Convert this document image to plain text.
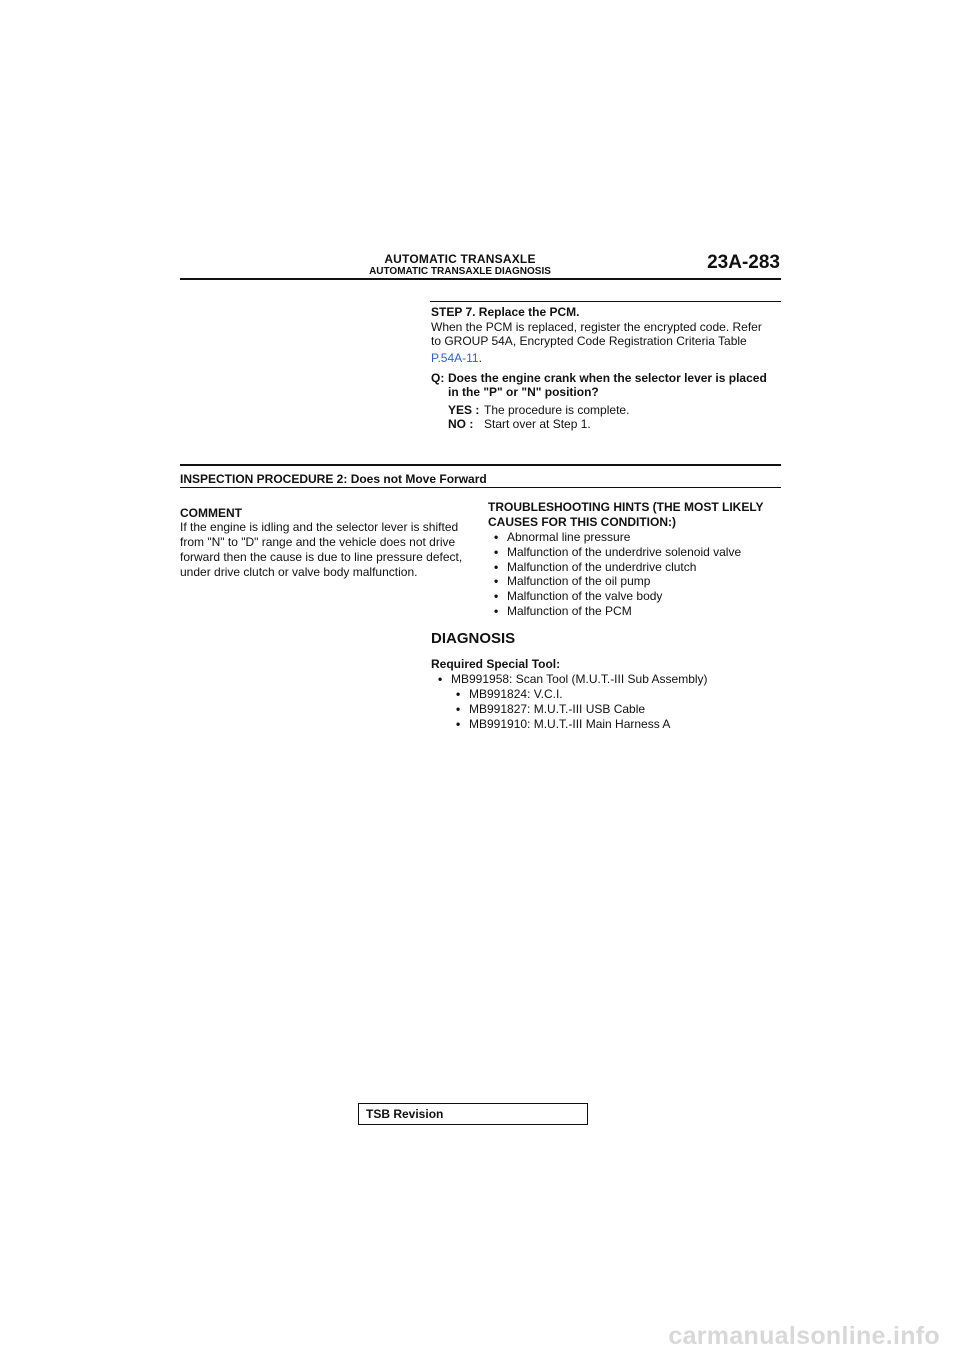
AUTOMATIC TRANSAXLE
AUTOMATIC TRANSAXLE DIAGNOSIS	23A-283
STEP 7. Replace the PCM.
When the PCM is replaced, register the encrypted code. Refer
to GROUP 54A, Encrypted Code Registration Criteria Table
P.54A-11.
Q: Does the engine crank when the selector lever is placed
in the "P" or "N" position?
YES : The procedure is complete.
NO : Start over at Step 1.
INSPECTION PROCEDURE 2: Does not Move Forward
COMMENT
If the engine is idling and the selector lever is shifted
from "N" to "D" range and the vehicle does not drive
forward then the cause is due to line pressure defect,
under drive clutch or valve body malfunction.
TROUBLESHOOTING HINTS (THE MOST LIKELY
CAUSES FOR THIS CONDITION:)
• Abnormal line pressure
• Malfunction of the underdrive solenoid valve
• Malfunction of the underdrive clutch
• Malfunction of the oil pump
• Malfunction of the valve body
• Malfunction of the PCM
DIAGNOSIS
Required Special Tool:
• MB991958: Scan Tool (M.U.T.-III Sub Assembly)
• MB991824: V.C.I.
• MB991827: M.U.T.-III USB Cable
• MB991910: M.U.T.-III Main Harness A
TSB Revision
carmanualsonline.info
